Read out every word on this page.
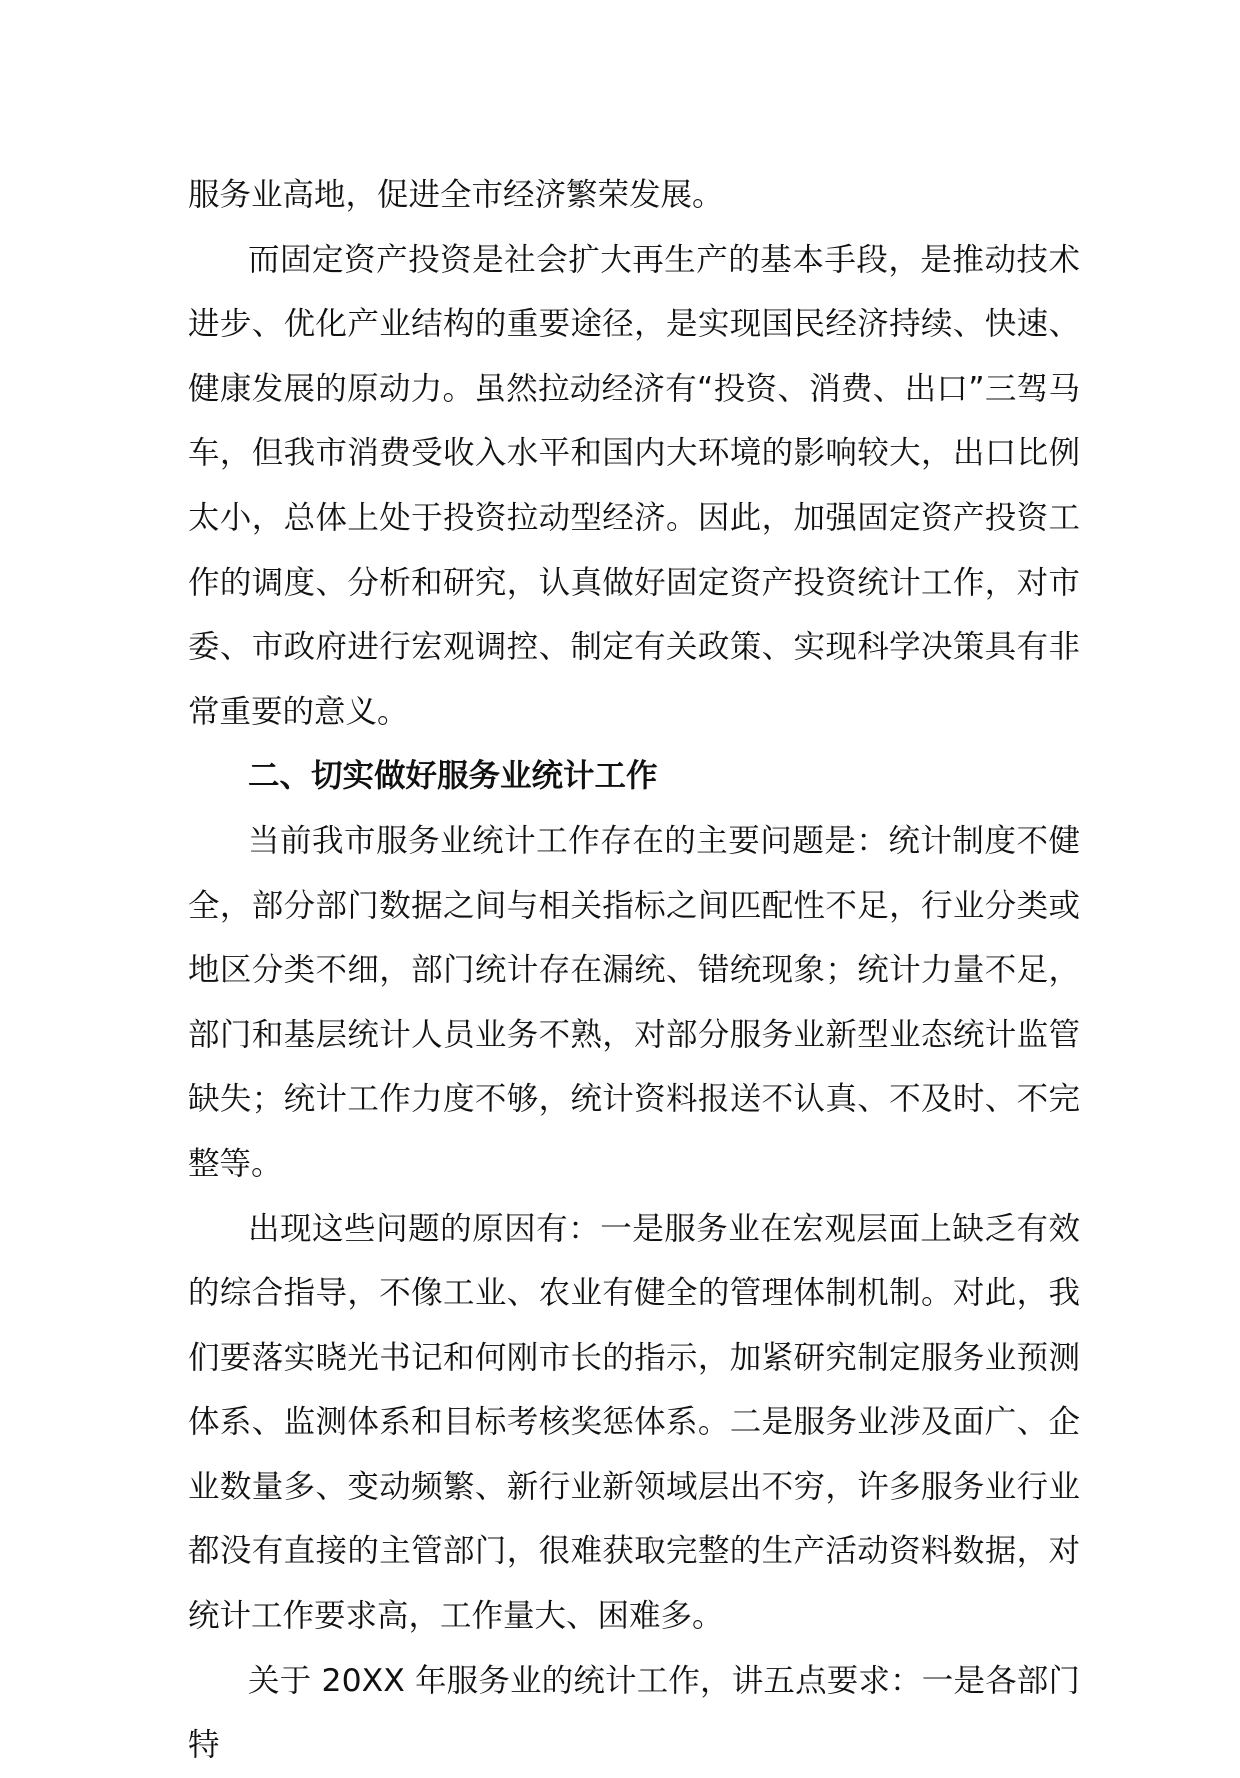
服务业高地，促进全市经济繁荣发展。

而固定资产投资是社会扩大再生产的基本手段，是推动技术进步、优化产业结构的重要途径，是实现国民经济持续、快速、健康发展的原动力。虽然拉动经济有“投资、消费、出口”三驾马车，但我市消费受收入水平和国内大环境的影响较大，出口比例太小，总体上处于投资拉动型经济。因此，加强固定资产投资工作的调度、分析和研究，认真做好固定资产投资统计工作，对市委、市政府进行宏观调控、制定有关政策、实现科学决策具有非常重要的意义。

二、切实做好服务业统计工作

当前我市服务业统计工作存在的主要问题是：统计制度不健全，部分部门数据之间与相关指标之间匹配性不足，行业分类或地区分类不细，部门统计存在漏统、错统现象；统计力量不足，部门和基层统计人员业务不熟，对部分服务业新型业态统计监管缺失；统计工作力度不够，统计资料报送不认真、不及时、不完整等。

出现这些问题的原因有：一是服务业在宏观层面上缺乏有效的综合指导，不像工业、农业有健全的管理体制机制。对此，我们要落实晓光书记和何刚市长的指示，加紧研究制定服务业预测体系、监测体系和目标考核奖惩体系。二是服务业涉及面广、企业数量多、变动频繁、新行业新领域层出不穷，许多服务业行业都没有直接的主管部门，很难获取完整的生产活动资料数据，对统计工作要求高，工作量大、困难多。

关于 20XX 年服务业的统计工作，讲五点要求：一是各部门特
